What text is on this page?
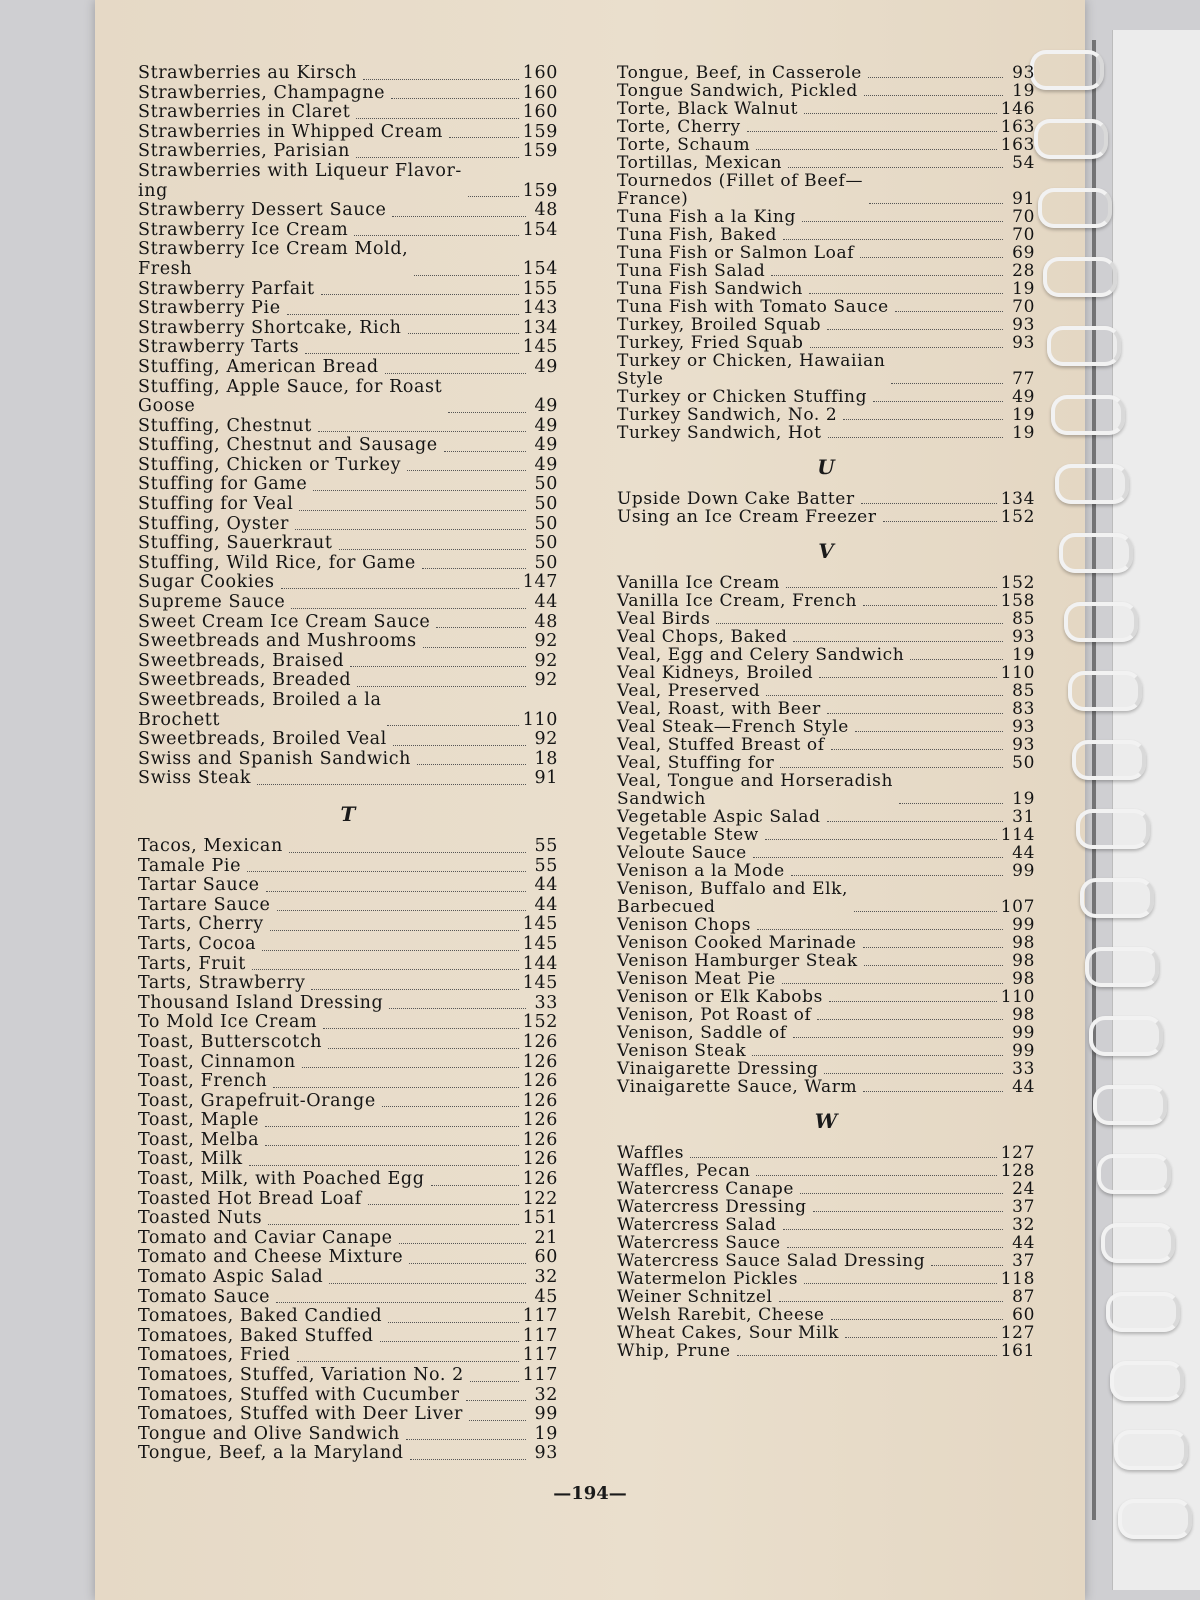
Strawberries au Kirsch	160
Strawberries, Champagne	160
Strawberries in Claret	160
Strawberries in Whipped Cream	159
Strawberries, Parisian	159
Strawberries with Liqueur Flavor-
ing	159
Strawberry Dessert Sauce	48
Strawberry Ice Cream	154
Strawberry Ice Cream Mold,
Fresh	154
Strawberry Parfait	155
Strawberry Pie	143
Strawberry Shortcake, Rich	134
Strawberry Tarts	145
Stuffing, American Bread	49
Stuffing, Apple Sauce, for Roast
Goose	49
Stuffing, Chestnut	49
Stuffing, Chestnut and Sausage	49
Stuffing, Chicken or Turkey	49
Stuffing for Game	50
Stuffing for Veal	50
Stuffing, Oyster	50
Stuffing, Sauerkraut	50
Stuffing, Wild Rice, for Game	50
Sugar Cookies	147
Supreme Sauce	44
Sweet Cream Ice Cream Sauce	48
Sweetbreads and Mushrooms	92
Sweetbreads, Braised	92
Sweetbreads, Breaded	92
Sweetbreads, Broiled a la
Brochett	110
Sweetbreads, Broiled Veal	92
Swiss and Spanish Sandwich	18
Swiss Steak	91
T
Tacos, Mexican	55
Tamale Pie	55
Tartar Sauce	44
Tartare Sauce	44
Tarts, Cherry	145
Tarts, Cocoa	145
Tarts, Fruit	144
Tarts, Strawberry	145
Thousand Island Dressing	33
To Mold Ice Cream	152
Toast, Butterscotch	126
Toast, Cinnamon	126
Toast, French	126
Toast, Grapefruit-Orange	126
Toast, Maple	126
Toast, Melba	126
Toast, Milk	126
Toast, Milk, with Poached Egg	126
Toasted Hot Bread Loaf	122
Toasted Nuts	151
Tomato and Caviar Canape	21
Tomato and Cheese Mixture	60
Tomato Aspic Salad	32
Tomato Sauce	45
Tomatoes, Baked Candied	117
Tomatoes, Baked Stuffed	117
Tomatoes, Fried	117
Tomatoes, Stuffed, Variation No. 2	117
Tomatoes, Stuffed with Cucumber	32
Tomatoes, Stuffed with Deer Liver	99
Tongue and Olive Sandwich	19
Tongue, Beef, a la Maryland	93
Tongue, Beef, in Casserole	93
Tongue Sandwich, Pickled	19
Torte, Black Walnut	146
Torte, Cherry	163
Torte, Schaum	163
Tortillas, Mexican	54
Tournedos (Fillet of Beef—
France)	91
Tuna Fish a la King	70
Tuna Fish, Baked	70
Tuna Fish or Salmon Loaf	69
Tuna Fish Salad	28
Tuna Fish Sandwich	19
Tuna Fish with Tomato Sauce	70
Turkey, Broiled Squab	93
Turkey, Fried Squab	93
Turkey or Chicken, Hawaiian
Style	77
Turkey or Chicken Stuffing	49
Turkey Sandwich, No. 2	19
Turkey Sandwich, Hot	19
U
Upside Down Cake Batter	134
Using an Ice Cream Freezer	152
V
Vanilla Ice Cream	152
Vanilla Ice Cream, French	158
Veal Birds	85
Veal Chops, Baked	93
Veal, Egg and Celery Sandwich	19
Veal Kidneys, Broiled	110
Veal, Preserved	85
Veal, Roast, with Beer	83
Veal Steak—French Style	93
Veal, Stuffed Breast of	93
Veal, Stuffing for	50
Veal, Tongue and Horseradish
Sandwich	19
Vegetable Aspic Salad	31
Vegetable Stew	114
Veloute Sauce	44
Venison a la Mode	99
Venison, Buffalo and Elk,
Barbecued	107
Venison Chops	99
Venison Cooked Marinade	98
Venison Hamburger Steak	98
Venison Meat Pie	98
Venison or Elk Kabobs	110
Venison, Pot Roast of	98
Venison, Saddle of	99
Venison Steak	99
Vinaigarette Dressing	33
Vinaigarette Sauce, Warm	44
W
Waffles	127
Waffles, Pecan	128
Watercress Canape	24
Watercress Dressing	37
Watercress Salad	32
Watercress Sauce	44
Watercress Sauce Salad Dressing	37
Watermelon Pickles	118
Weiner Schnitzel	87
Welsh Rarebit, Cheese	60
Wheat Cakes, Sour Milk	127
Whip, Prune	161
—194—
